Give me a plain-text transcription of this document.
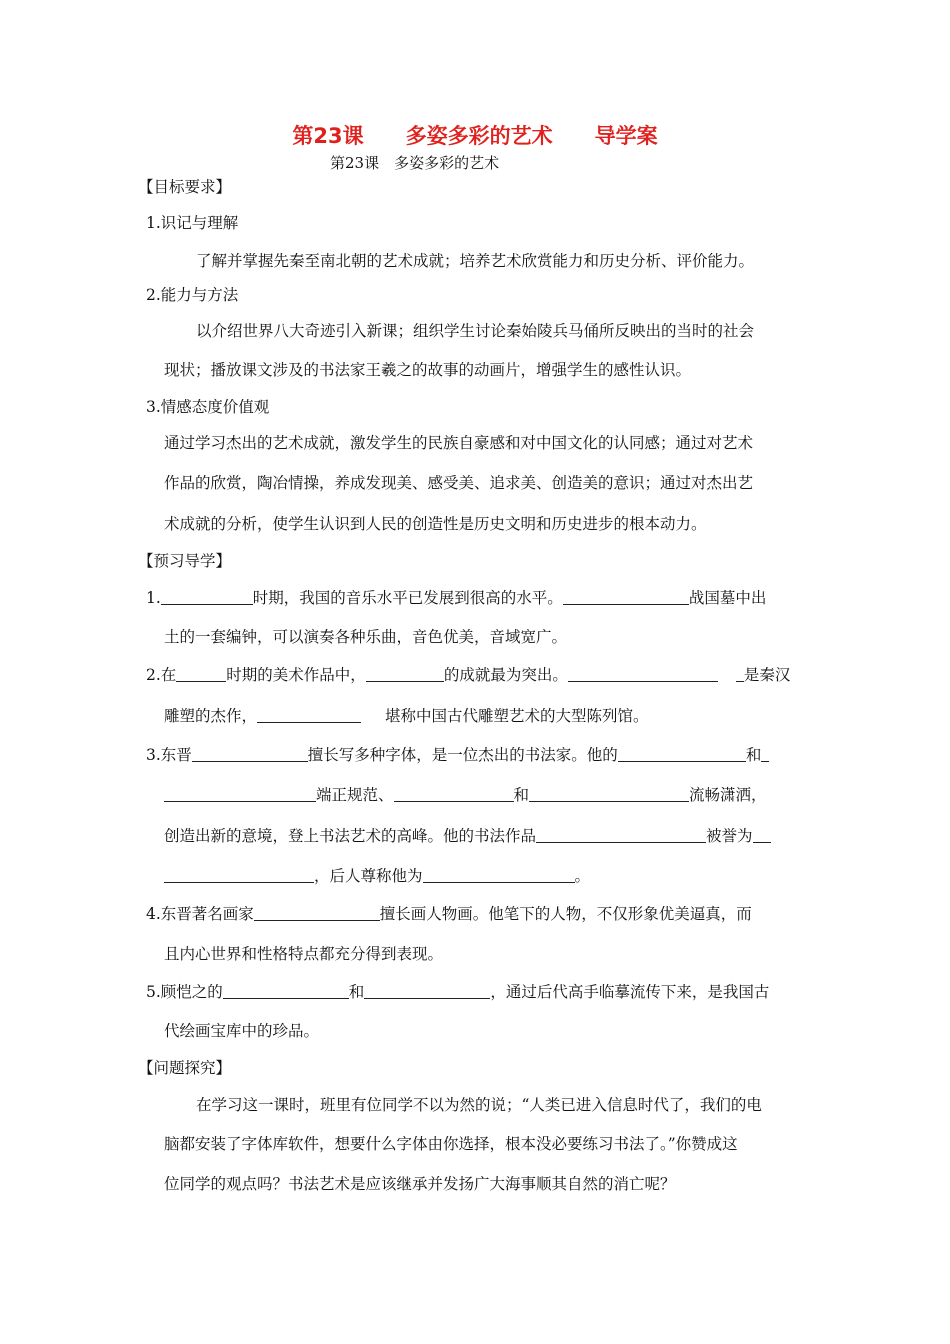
第23课　　多姿多彩的艺术　　导学案
第23课　多姿多彩的艺术
【目标要求】
1.识记与理解
了解并掌握先秦至南北朝的艺术成就；培养艺术欣赏能力和历史分析、评价能力。
2.能力与方法
以介绍世界八大奇迹引入新课；组织学生讨论秦始陵兵马俑所反映出的当时的社会
现状；播放课文涉及的书法家王羲之的故事的动画片，增强学生的感性认识。
3.情感态度价值观
通过学习杰出的艺术成就，激发学生的民族自豪感和对中国文化的认同感；通过对艺术
作品的欣赏，陶冶情操，养成发现美、感受美、追求美、创造美的意识；通过对杰出艺
术成就的分析，使学生认识到人民的创造性是历史文明和历史进步的根本动力。
【预习导学】
1.	时期，我国的音乐水平已发展到很高的水平。	战国墓中出
土的一套编钟，可以演奏各种乐曲，音色优美，音域宽广。
2.在	时期的美术作品中，	的成就最为突出。	是秦汉
雕塑的杰作，	堪称中国古代雕塑艺术的大型陈列馆。
3.东晋	擅长写多种字体，是一位杰出的书法家。他的	和
端正规范、	和	流畅潇洒，
创造出新的意境，登上书法艺术的高峰。他的书法作品	被誉为
，后人尊称他为	。
4.东晋著名画家	擅长画人物画。他笔下的人物，不仅形象优美逼真，而
且内心世界和性格特点都充分得到表现。
5.顾恺之的	和	，通过后代高手临摹流传下来，是我国古
代绘画宝库中的珍品。
【问题探究】
在学习这一课时，班里有位同学不以为然的说；“人类已进入信息时代了，我们的电
脑都安装了字体库软件，想要什么字体由你选择，根本没必要练习书法了。”你赞成这
位同学的观点吗？书法艺术是应该继承并发扬广大海事顺其自然的消亡呢？
